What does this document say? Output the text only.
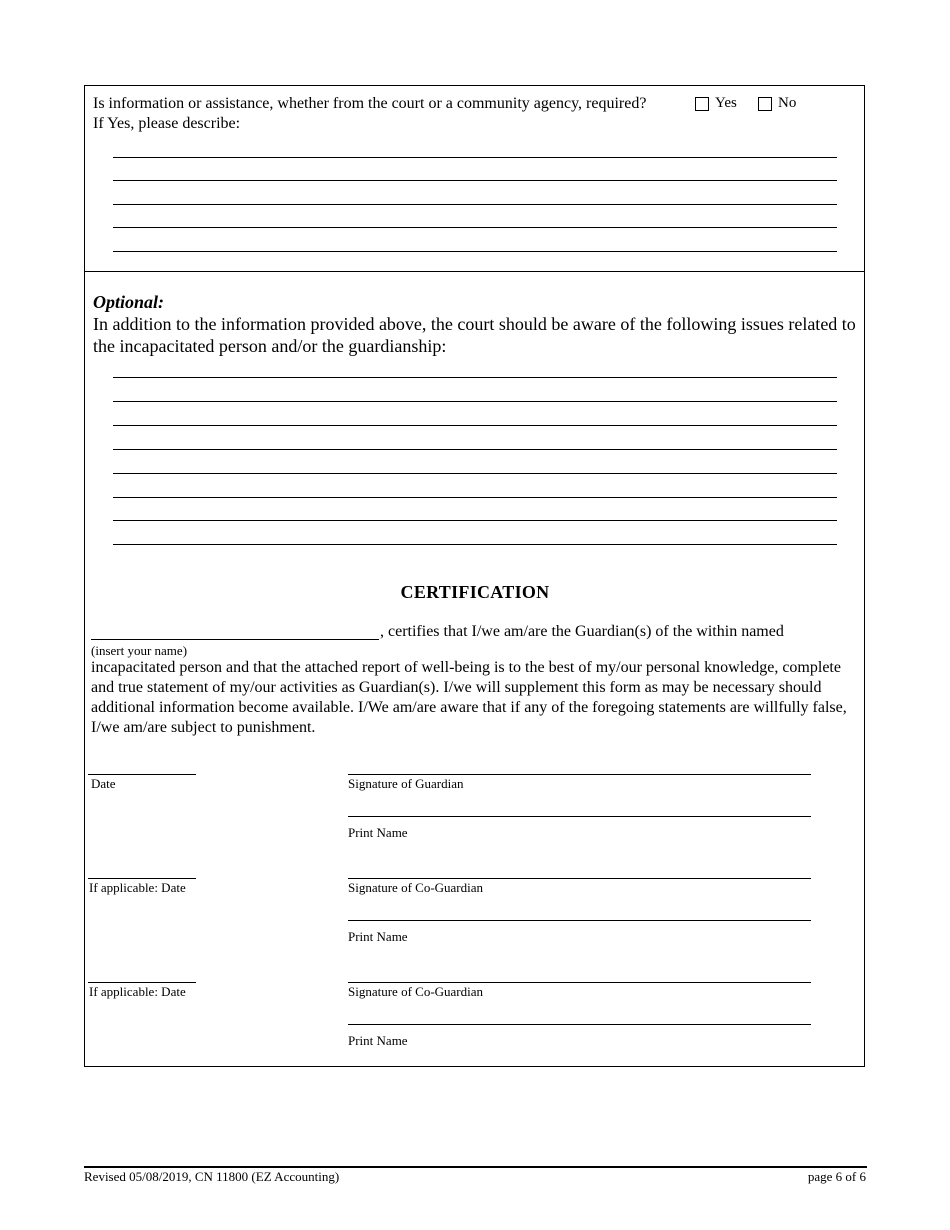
Is information or assistance, whether from the court or a community agency, required? If Yes, please describe:
Yes	No
Optional:
In addition to the information provided above, the court should be aware of the following issues related to the incapacitated person and/or the guardianship:
CERTIFICATION
, certifies that I/we am/are the Guardian(s) of the within named
(insert your name)
incapacitated person and that the attached report of well-being is to the best of my/our personal knowledge, complete and true statement of my/our activities as Guardian(s). I/we will supplement this form as may be necessary should additional information become available. I/We am/are aware that if any of the foregoing statements are willfully false, I/we am/are subject to punishment.
Date	Signature of Guardian
Print Name
If applicable: Date	Signature of Co-Guardian
Print Name
If applicable: Date	Signature of Co-Guardian
Print Name
Revised 05/08/2019, CN 11800 (EZ Accounting)	page 6 of 6
